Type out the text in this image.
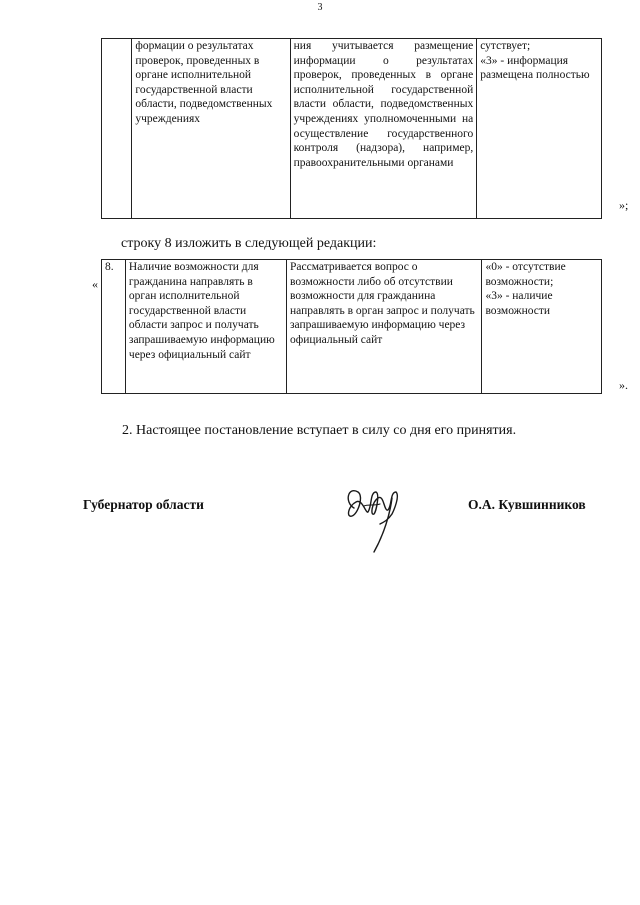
3
	формации о результатах проверок, проведенных в органе исполнительной государственной власти области, подведомственных учреждениях	ния учитывается размещение информации о результатах проверок, проведенных в органе исполнительной государственной власти области, подведомственных учреждениях уполномоченными на осуществление государственного контроля (надзора), например, правоохранительными органами	сутствует;
«3» - информация размещена полностью
»;
строку 8 изложить в следующей редакции:
«
8.	Наличие возможности для гражданина направлять в орган исполнительной государственной власти области запрос и получать запрашиваемую информацию через официальный сайт	Рассматривается вопрос о возможности либо об отсутствии возможности для гражданина направлять в орган запрос и получать запрашиваемую информацию через официальный сайт	«0» - отсутствие возможности;
«3» - наличие возможности
».
2. Настоящее постановление вступает в силу со дня его принятия.
Губернатор области	О.А. Кувшинников
